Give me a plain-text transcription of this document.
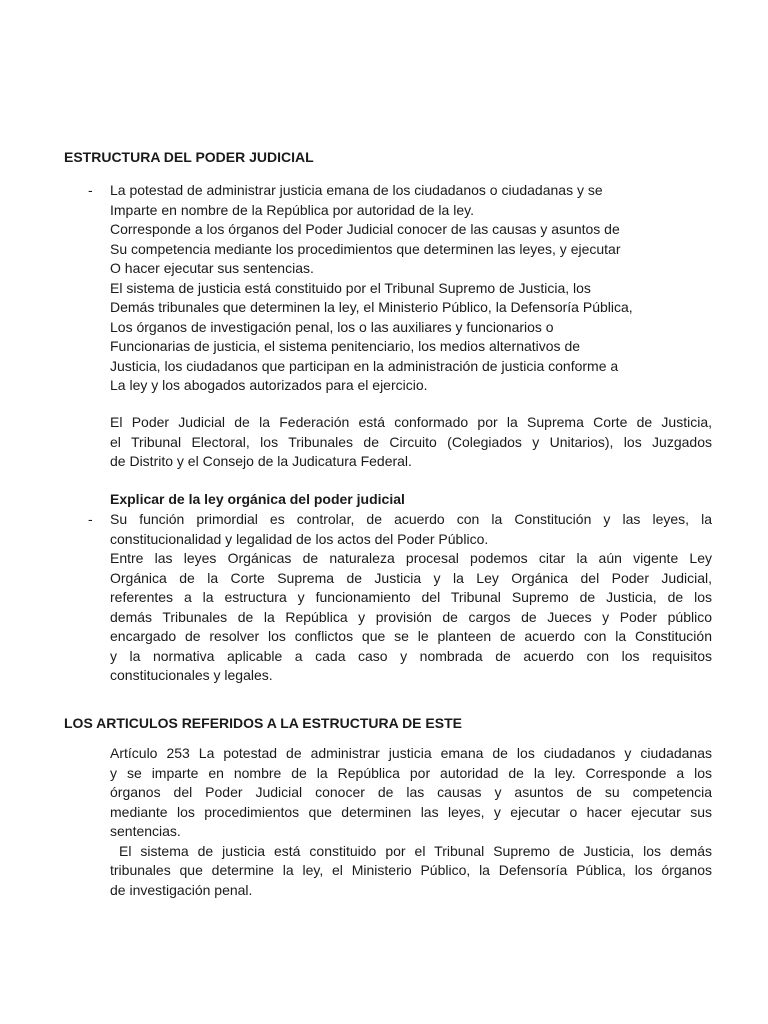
ESTRUCTURA DEL PODER JUDICIAL
- La potestad de administrar justicia emana de los ciudadanos o ciudadanas y se
Imparte en nombre de la República por autoridad de la ley.
Corresponde a los órganos del Poder Judicial conocer de las causas y asuntos de
Su competencia mediante los procedimientos que determinen las leyes, y ejecutar
O hacer ejecutar sus sentencias.
El sistema de justicia está constituido por el Tribunal Supremo de Justicia, los
Demás tribunales que determinen la ley, el Ministerio Público, la Defensoría Pública,
Los órganos de investigación penal, los o las auxiliares y funcionarios o
Funcionarias de justicia, el sistema penitenciario, los medios alternativos de
Justicia, los ciudadanos que participan en la administración de justicia conforme a
La ley y los abogados autorizados para el ejercicio.
El Poder Judicial de la Federación está conformado por la Suprema Corte de Justicia,
el Tribunal Electoral, los Tribunales de Circuito (Colegiados y Unitarios), los Juzgados
de Distrito y el Consejo de la Judicatura Federal.
Explicar de la ley orgánica del poder judicial
- Su función primordial es controlar, de acuerdo con la Constitución y las leyes, la
constitucionalidad y legalidad de los actos del Poder Público.
Entre las leyes Orgánicas de naturaleza procesal podemos citar la aún vigente Ley
Orgánica de la Corte Suprema de Justicia y la Ley Orgánica del Poder Judicial,
referentes a la estructura y funcionamiento del Tribunal Supremo de Justicia, de los
demás Tribunales de la República y provisión de cargos de Jueces y Poder público
encargado de resolver los conflictos que se le planteen de acuerdo con la Constitución
y la normativa aplicable a cada caso y nombrada de acuerdo con los requisitos
constitucionales y legales.
LOS ARTICULOS REFERIDOS A LA ESTRUCTURA DE ESTE
Artículo 253 La potestad de administrar justicia emana de los ciudadanos y ciudadanas
y se imparte en nombre de la República por autoridad de la ley. Corresponde a los
órganos del Poder Judicial conocer de las causas y asuntos de su competencia
mediante los procedimientos que determinen las leyes, y ejecutar o hacer ejecutar sus
sentencias.
El sistema de justicia está constituido por el Tribunal Supremo de Justicia, los demás
tribunales que determine la ley, el Ministerio Público, la Defensoría Pública, los órganos
de investigación penal.
